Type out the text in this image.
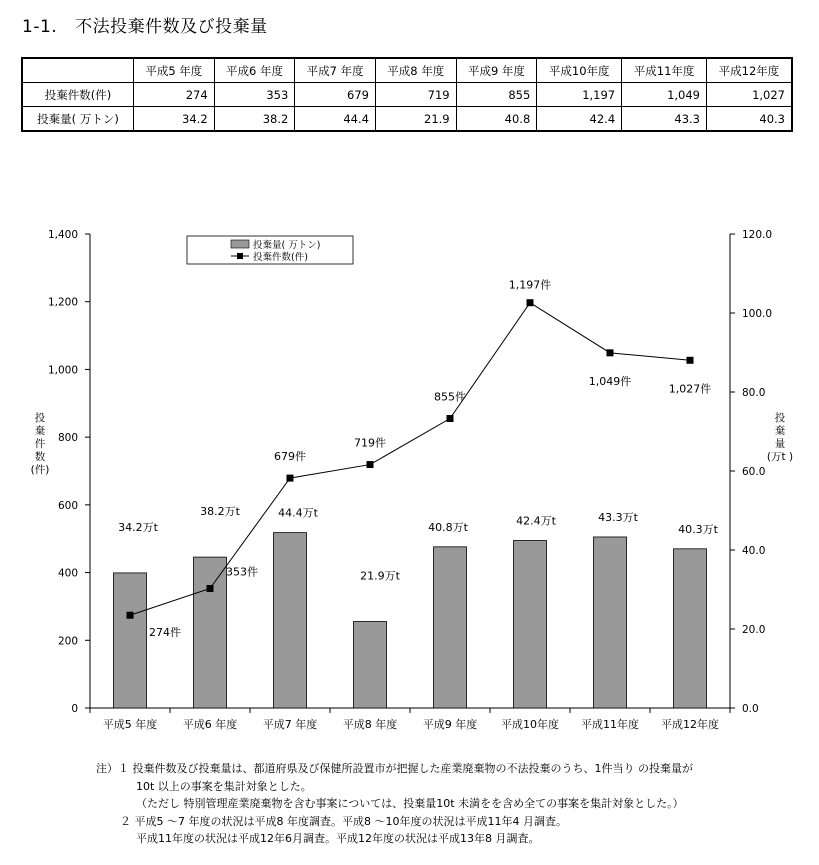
1-1. 不法投棄件数及び投棄量
	平成5 年度	平成6 年度	平成7 年度	平成8 年度	平成9 年度	平成10年度	平成11年度	平成12年度
投棄件数(件)	274	353	679	719	855	1,197	1,049	1,027
投棄量( 万トン)	34.2	38.2	44.4	21.9	40.8	42.4	43.3	40.3
0
200
400
600
800
1,000
1,200
1,400
0.0
20.0
40.0
60.0
80.0
100.0
120.0
平成5 年度 平成6 年度 平成7 年度 平成8 年度 平成9 年度 平成10年度 平成11年度 平成12年度
投
棄
件
数
(件)
投
棄
量
(万t )
34.2万t
38.2万t	44.4万t
21.9万t
40.8万t	42.4万t	43.3万t
40.3万t
274件
353件
679件
719件
855件
1,197件
1,049件
1,027件
投棄量( 万トン)
投棄件数(件)
注）１ 投棄件数及び投棄量は、都道府県及び保健所設置市が把握した産業廃棄物の不法投棄のうち、1件当り の投棄量が
10t 以上の事案を集計対象とした。
（ただし 特別管理産業廃棄物を含む事案については、投棄量10t 未満をを含め全ての事案を集計対象とした。）
２ 平成5 ～7 年度の状況は平成8 年度調査。平成8 ～10年度の状況は平成11年4 月調査。
平成11年度の状況は平成12年6月調査。平成12年度の状況は平成13年8 月調査。
